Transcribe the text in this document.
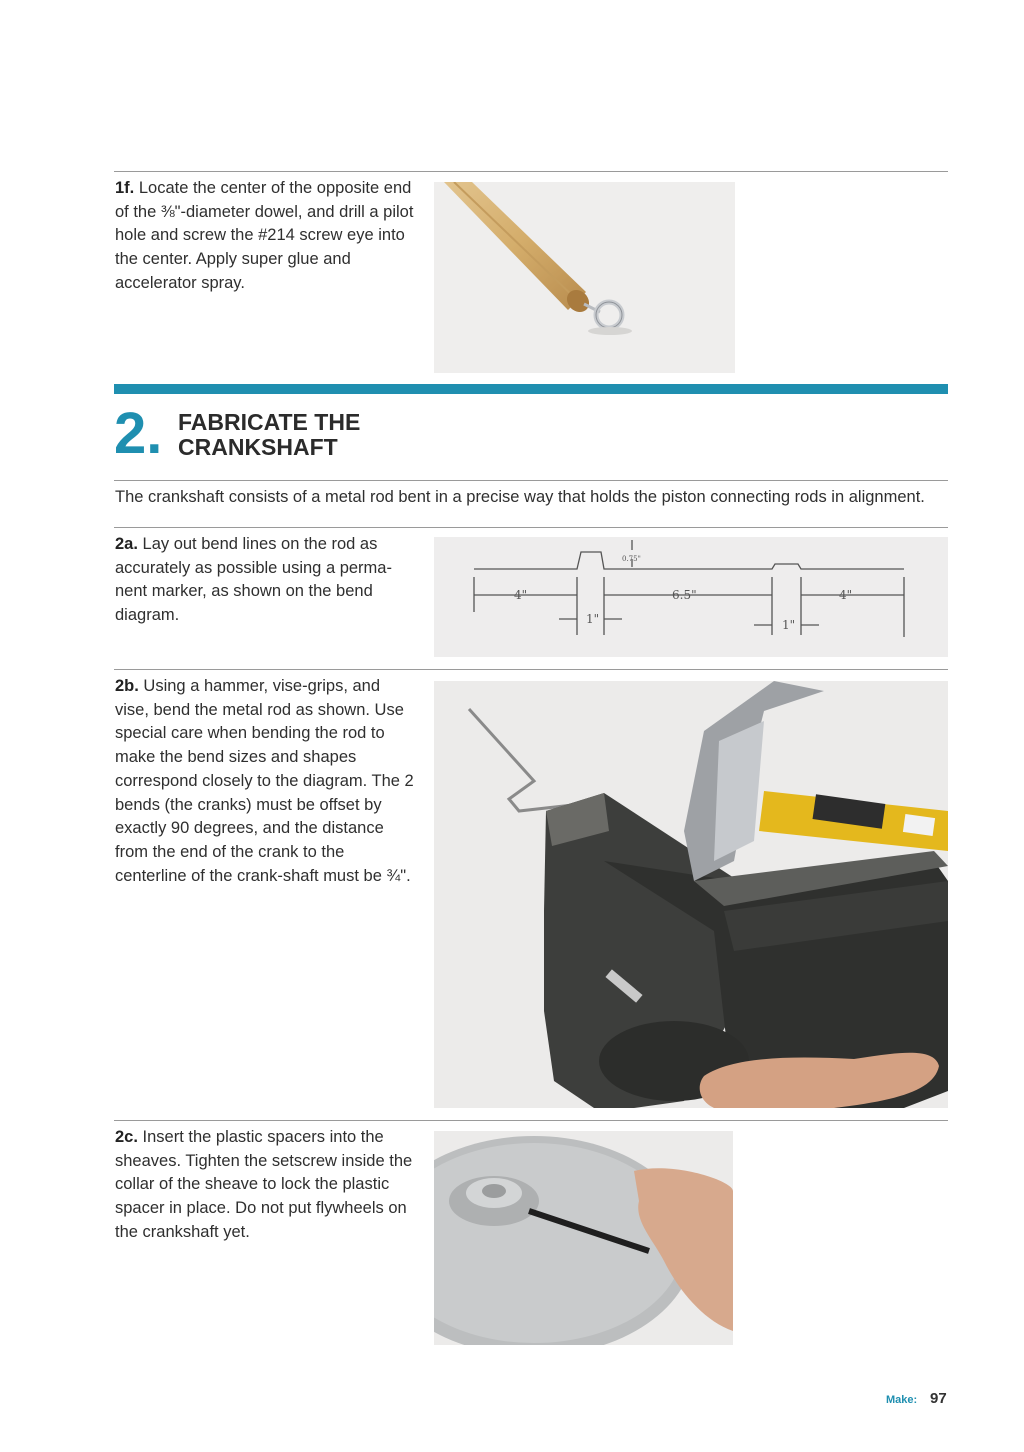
1f. Locate the center of the opposite end of the ⅜"-diameter dowel, and drill a pilot hole and screw the #214 screw eye into the center. Apply super glue and accelerator spray.
2. FABRICATE THE
CRANKSHAFT
The crankshaft consists of a metal rod bent in a precise way that holds the piston connecting rods in alignment.
2a. Lay out bend lines on the rod as accurately as possible using a perma-nent marker, as shown on the bend diagram.
4"	6.5"	4"
1"	1"
0.75"
2b. Using a hammer, vise-grips, and vise, bend the metal rod as shown. Use special care when bending the rod to make the bend sizes and shapes correspond closely to the diagram. The 2 bends (the cranks) must be offset by exactly 90 degrees, and the distance from the end of the crank to the centerline of the crank-shaft must be ¾".
2c. Insert the plastic spacers into the sheaves. Tighten the setscrew inside the collar of the sheave to lock the plastic spacer in place. Do not put flywheels on the crankshaft yet.
Make: 97
